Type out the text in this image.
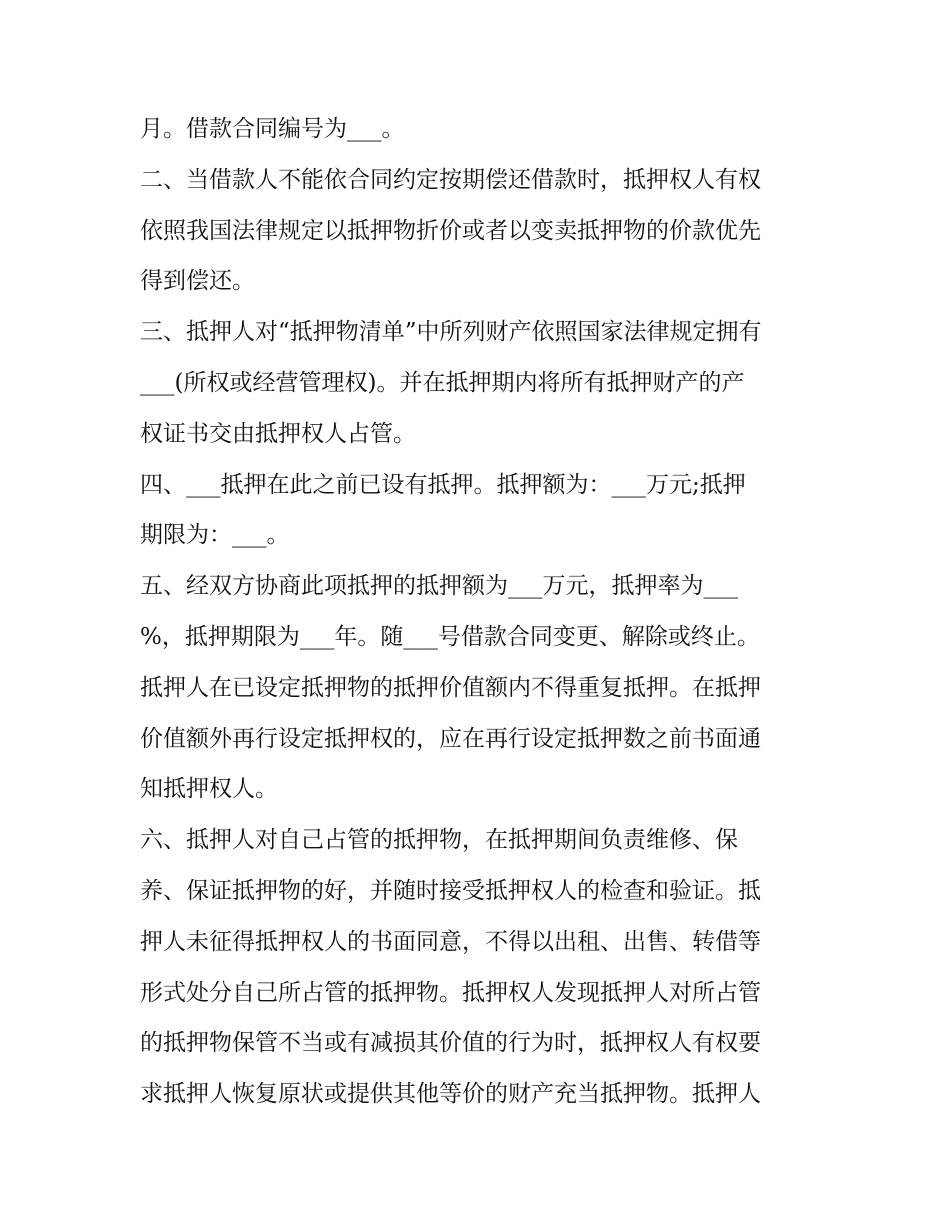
月。借款合同编号为___。
二、当借款人不能依合同约定按期偿还借款时，抵押权人有权
依照我国法律规定以抵押物折价或者以变卖抵押物的价款优先
得到偿还。
三、抵押人对“抵押物清单”中所列财产依照国家法律规定拥有
___(所权或经营管理权)。并在抵押期内将所有抵押财产的产
权证书交由抵押权人占管。
四、___抵押在此之前已设有抵押。抵押额为：___万元;抵押
期限为：___。
五、经双方协商此项抵押的抵押额为___万元，抵押率为___
%，抵押期限为___年。随___号借款合同变更、解除或终止。
抵押人在已设定抵押物的抵押价值额内不得重复抵押。在抵押
价值额外再行设定抵押权的，应在再行设定抵押数之前书面通
知抵押权人。
六、抵押人对自己占管的抵押物，在抵押期间负责维修、保
养、保证抵押物的好，并随时接受抵押权人的检查和验证。抵
押人未征得抵押权人的书面同意，不得以出租、出售、转借等
形式处分自己所占管的抵押物。抵押权人发现抵押人对所占管
的抵押物保管不当或有减损其价值的行为时，抵押权人有权要
求抵押人恢复原状或提供其他等价的财产充当抵押物。抵押人
